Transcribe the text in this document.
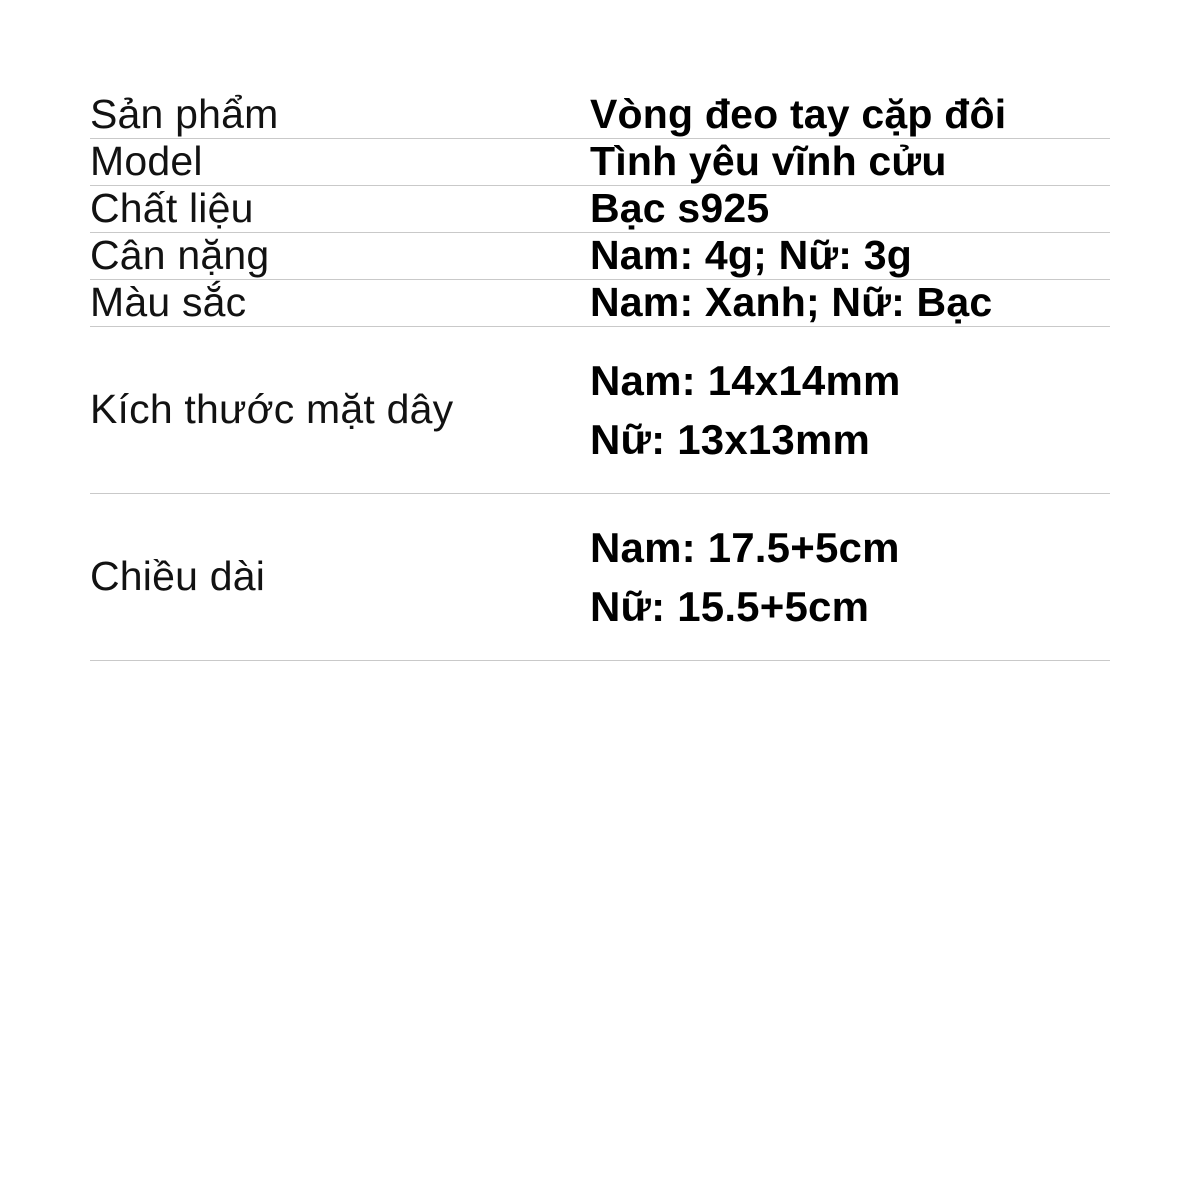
Sản phẩm	Vòng đeo tay cặp đôi

Model	Tình yêu vĩnh cửu

Chất liệu	Bạc s925

Cân nặng	Nam: 4g; Nữ: 3g

Màu sắc	Nam: Xanh; Nữ: Bạc

Kích thước mặt dây	Nam: 14x14mm
Nữ: 13x13mm

Chiều dài	Nam: 17.5+5cm
Nữ: 15.5+5cm
